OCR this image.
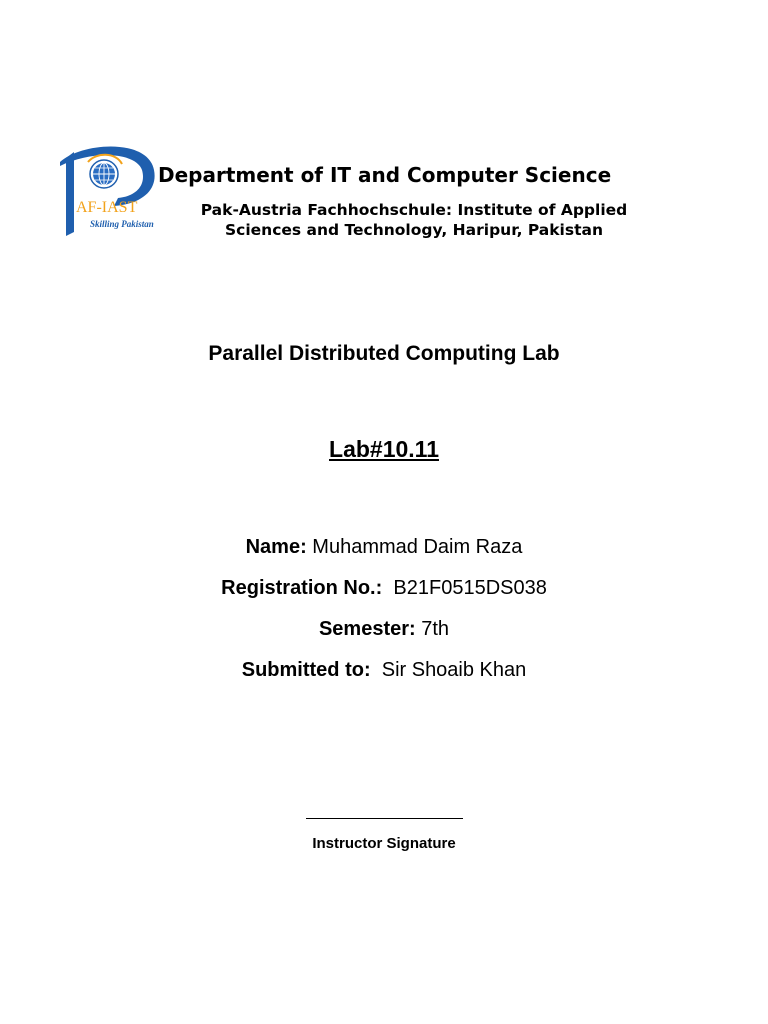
AF-IAST
Skilling Pakistan
Department of IT and Computer Science
Pak-Austria Fachhochschule: Institute of Applied
Sciences and Technology, Haripur, Pakistan
Parallel Distributed Computing Lab
Lab#10.11
Name: Muhammad Daim Raza
Registration No.:  B21F0515DS038
Semester: 7th
Submitted to:  Sir Shoaib Khan
Instructor Signature
